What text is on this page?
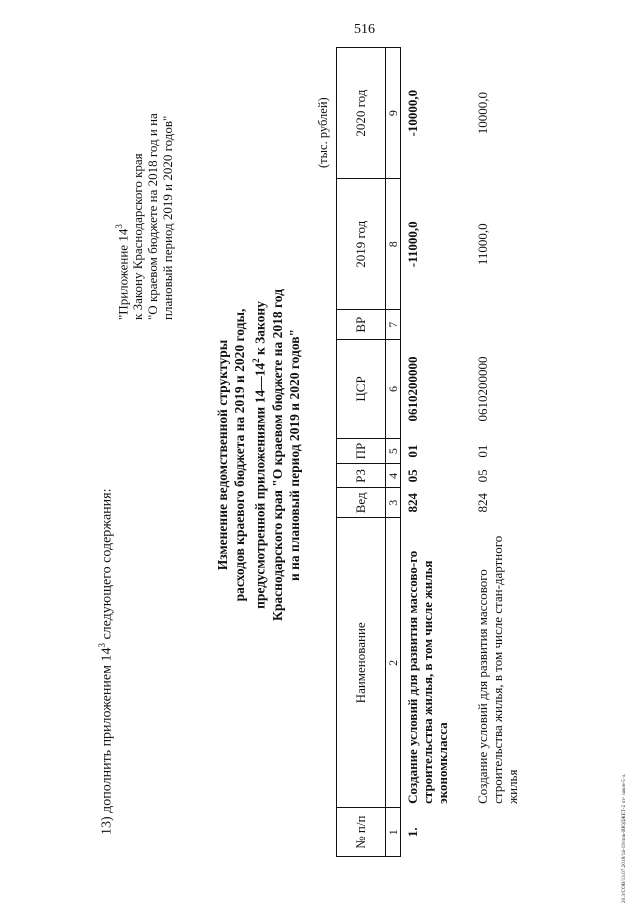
516
20.3/СОВ/13.07.2018/14-19/ппк-ВЮДЖЕТ-2 чт- закон-5 ч.
13) дополнить приложением $14^3$ следующего содержания:
"Приложение $14^3$ к Закону Краснодарского края "О краевом бюджете на 2018 год и на плановый период 2019 и 2020 годов"
Изменение ведомственной структуры расходов краевого бюджета на 2019 и 2020 годы, предусмотренной приложениями $14—14^2$ к Закону Краснодарского края "О краевом бюджете на 2018 год и на плановый период 2019 и 2020 годов"
(тыс. рублей)
№ п/п	Наименование	Вед	РЗ	ПР	ЦСР	ВР	2019 год	2020 год
1	2	3	4	5	6	7	8	9
1.	Создание условий для развития массово-го строительства жилья, в том числе жилья экономкласса	824	05	01	0610200000		-11000,0	-10000,0
	Создание условий для развития массового строительства жилья, в том числе стан-дартного жилья	824	05	01	0610200000		11000,0	10000,0
